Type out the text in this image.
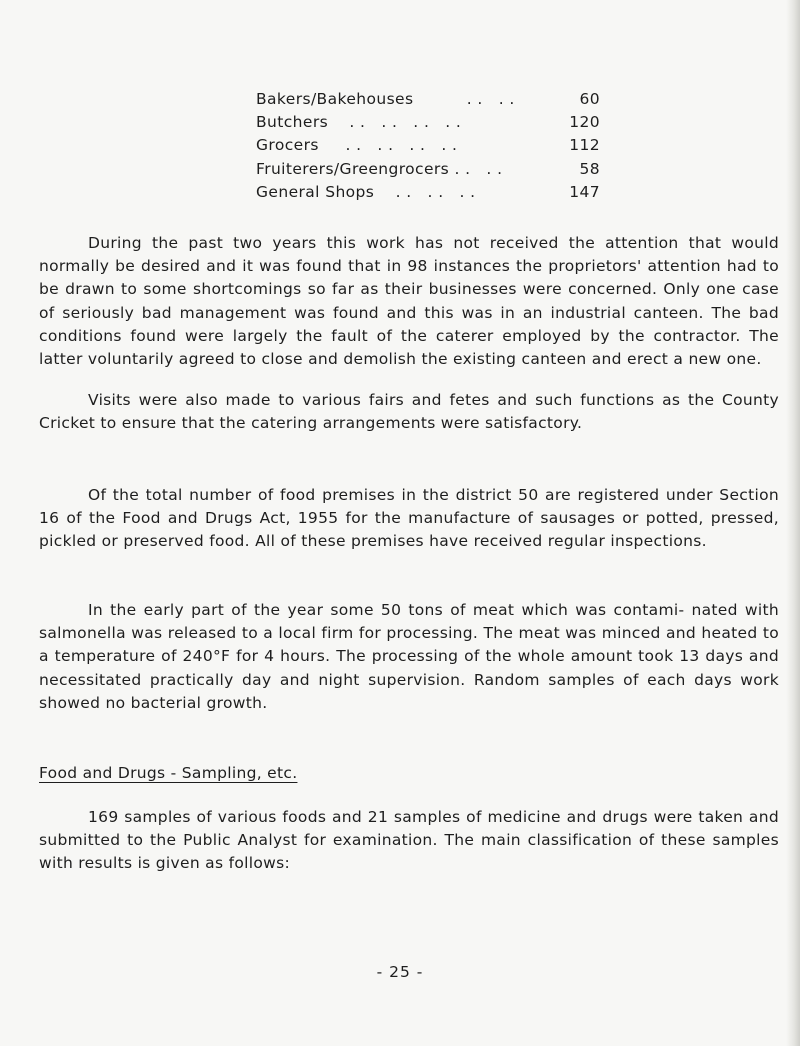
Bakers/Bakehouses          . .   . .	60
Butchers    . .   . .   . .   . .	120
Grocers     . .   . .   . .   . .	112
Fruiterers/Greengrocers . .   . .	58
General Shops    . .   . .   . .	147

During the past two years this work has not received the attention that would normally be desired and it was found that in 98 instances the proprietors' attention had to be drawn to some shortcomings so far as their businesses were concerned. Only one case of seriously bad management was found and this was in an industrial canteen. The bad conditions found were largely the fault of the caterer employed by the contractor. The latter voluntarily agreed to close and demolish the existing canteen and erect a new one.

Visits were also made to various fairs and fetes and such functions as the County Cricket to ensure that the catering arrangements were satisfactory.

Of the total number of food premises in the district 50 are registered under Section 16 of the Food and Drugs Act, 1955 for the manufacture of sausages or potted, pressed, pickled or preserved food. All of these premises have received regular inspections.

In the early part of the year some 50 tons of meat which was contami- nated with salmonella was released to a local firm for processing. The meat was minced and heated to a temperature of 240°F for 4 hours. The processing of the whole amount took 13 days and necessitated practically day and night supervision. Random samples of each days work showed no bacterial growth.

Food and Drugs - Sampling, etc.

169 samples of various foods and 21 samples of medicine and drugs were taken and submitted to the Public Analyst for examination. The main classification of these samples with results is given as follows:

- 25 -
